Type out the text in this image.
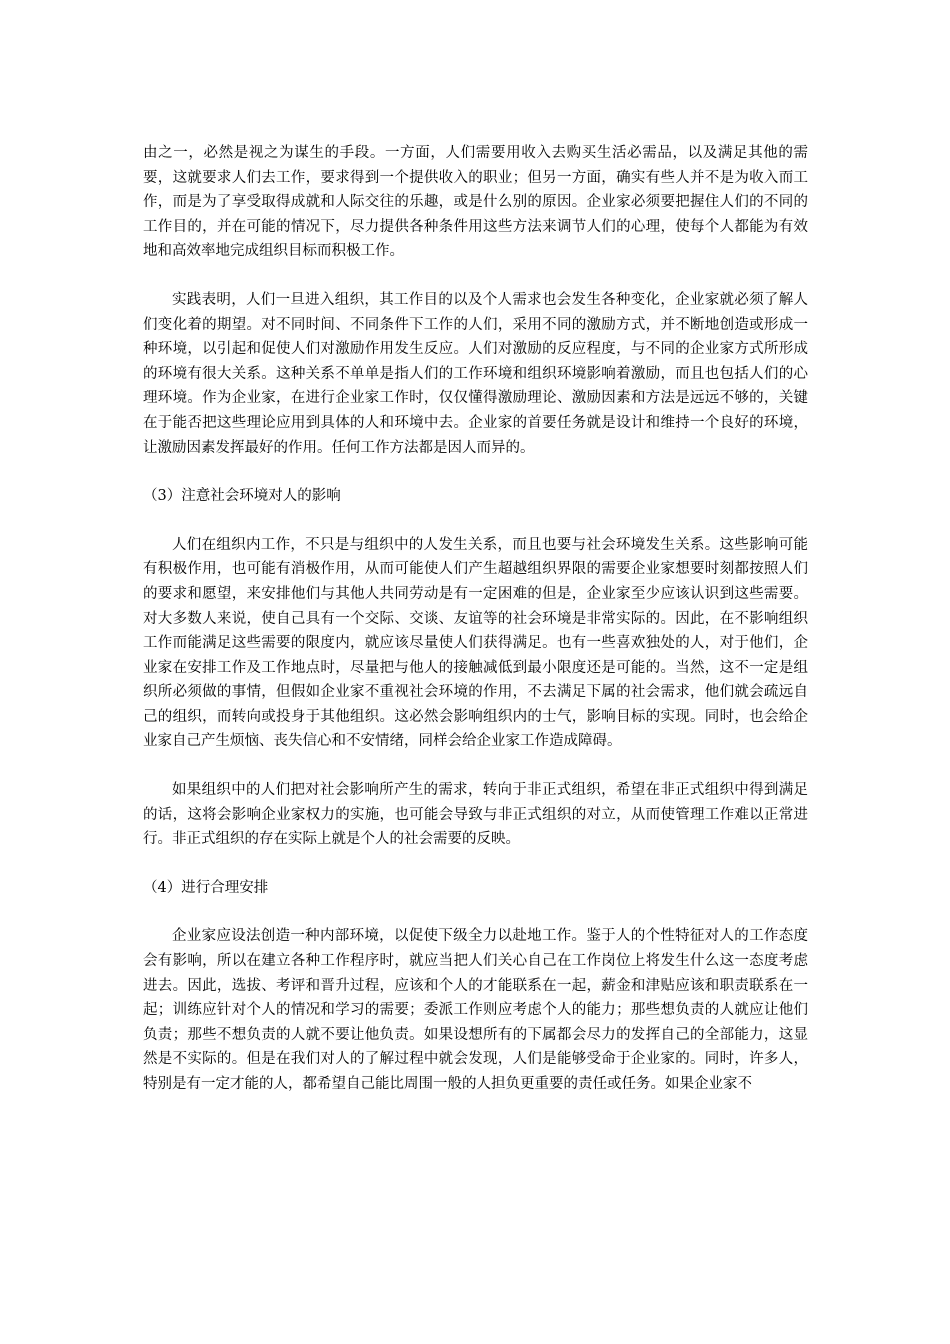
由之一，必然是视之为谋生的手段。一方面，人们需要用收入去购买生活必需品，以及满足其他的需要，这就要求人们去工作，要求得到一个提供收入的职业；但另一方面，确实有些人并不是为收入而工作，而是为了享受取得成就和人际交往的乐趣，或是什么别的原因。企业家必须要把握住人们的不同的工作目的，并在可能的情况下，尽力提供各种条件用这些方法来调节人们的心理，使每个人都能为有效地和高效率地完成组织目标而积极工作。

实践表明，人们一旦进入组织，其工作目的以及个人需求也会发生各种变化，企业家就必须了解人们变化着的期望。对不同时间、不同条件下工作的人们，采用不同的激励方式，并不断地创造或形成一种环境，以引起和促使人们对激励作用发生反应。人们对激励的反应程度，与不同的企业家方式所形成的环境有很大关系。这种关系不单单是指人们的工作环境和组织环境影响着激励，而且也包括人们的心理环境。作为企业家，在进行企业家工作时，仅仅懂得激励理论、激励因素和方法是远远不够的，关键在于能否把这些理论应用到具体的人和环境中去。企业家的首要任务就是设计和维持一个良好的环境，让激励因素发挥最好的作用。任何工作方法都是因人而异的。

（3）注意社会环境对人的影响

人们在组织内工作，不只是与组织中的人发生关系，而且也要与社会环境发生关系。这些影响可能有积极作用，也可能有消极作用，从而可能使人们产生超越组织界限的需要企业家想要时刻都按照人们的要求和愿望，来安排他们与其他人共同劳动是有一定困难的但是，企业家至少应该认识到这些需要。对大多数人来说，使自己具有一个交际、交谈、友谊等的社会环境是非常实际的。因此，在不影响组织工作而能满足这些需要的限度内，就应该尽量使人们获得满足。也有一些喜欢独处的人，对于他们，企业家在安排工作及工作地点时，尽量把与他人的接触减低到最小限度还是可能的。当然，这不一定是组织所必须做的事情，但假如企业家不重视社会环境的作用，不去满足下属的社会需求，他们就会疏远自己的组织，而转向或投身于其他组织。这必然会影响组织内的士气，影响目标的实现。同时，也会给企业家自己产生烦恼、丧失信心和不安情绪，同样会给企业家工作造成障碍。

如果组织中的人们把对社会影响所产生的需求，转向于非正式组织，希望在非正式组织中得到满足的话，这将会影响企业家权力的实施，也可能会导致与非正式组织的对立，从而使管理工作难以正常进行。非正式组织的存在实际上就是个人的社会需要的反映。

（4）进行合理安排

企业家应设法创造一种内部环境，以促使下级全力以赴地工作。鉴于人的个性特征对人的工作态度会有影响，所以在建立各种工作程序时，就应当把人们关心自己在工作岗位上将发生什么这一态度考虑进去。因此，选拔、考评和晋升过程，应该和个人的才能联系在一起，薪金和津贴应该和职责联系在一起；训练应针对个人的情况和学习的需要；委派工作则应考虑个人的能力；那些想负责的人就应让他们负责；那些不想负责的人就不要让他负责。如果设想所有的下属都会尽力的发挥自己的全部能力，这显然是不实际的。但是在我们对人的了解过程中就会发现，人们是能够受命于企业家的。同时，许多人，特别是有一定才能的人，都希望自己能比周围一般的人担负更重要的责任或任务。如果企业家不
